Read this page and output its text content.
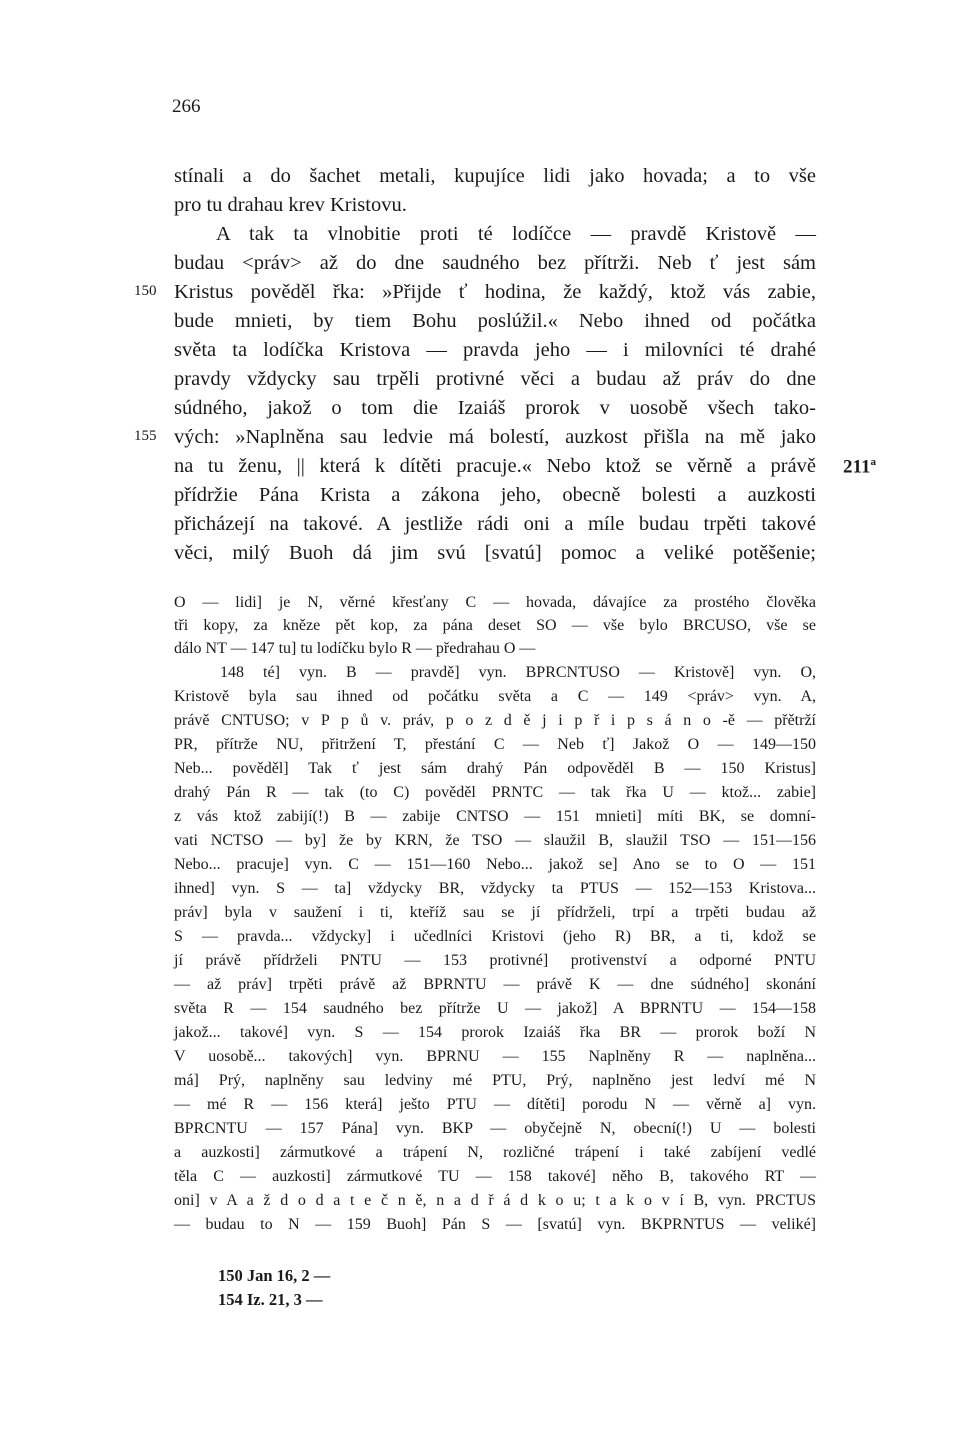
266
stínali a do šachet metali, kupujíce lidi jako hovada; a to vše
pro tu drahau krev Kristovu.
A tak ta vlnobitie proti té lodíčce — pravdě Kristově —
budau <práv> až do dne saudného bez přítrži. Neb ť jest sám
Kristus pověděl řka: »Přijde ť hodina, že každý, ktož vás zabie,
bude mnieti, by tiem Bohu poslúžil.« Nebo ihned od počátka
světa ta lodíčka Kristova — pravda jeho — i milovníci té drahé
pravdy vždycky sau trpěli protivné věci a budau až práv do dne
súdného, jakož o tom die Izaiáš prorok v uosobě všech tako-
vých: »Naplněna sau ledvie má bolestí, auzkost přišla na mě jako
na tu ženu, || která k dítěti pracuje.« Nebo ktož se věrně a právě
přídržie Pána Krista a zákona jeho, obecně bolesti a auzkosti
přicházejí na takové. A jestliže rádi oni a míle budau trpěti takové
věci, milý Buoh dá jim svú [svatú] pomoc a veliké potěšenie;
150
155
211$^a$
O — lidi] je N, věrné křesťany C — hovada, dávajíce za prostého člověka
tři kopy, za kněze pět kop, za pána deset SO — vše bylo BRCUSO, vše se
dálo NT — 147 tu] tu lodíčku bylo R — předrahau O —
148 té] vyn. B — pravdě] vyn. BPRCNTUSO — Kristově] vyn. O,
Kristově byla sau ihned od počátku světa a C — 149 <práv> vyn. A,
právě CNTUSO; v P p ů v. práv, p o z d ě j i p ř i p s á n o -ě — přětrží
PR, přítrže NU, přitržení T, přestání C — Neb ť] Jakož O — 149—150
Neb... pověděl] Tak ť jest sám drahý Pán odpověděl B — 150 Kristus]
drahý Pán R — tak (to C) pověděl PRNTC — tak řka U — ktož... zabie]
z vás ktož zabijí(!) B — zabije CNTSO — 151 mnieti] míti BK, se domní-
vati NCTSO — by] že by KRN, že TSO — slaužil B, slaužil TSO — 151—156
Nebo... pracuje] vyn. C — 151—160 Nebo... jakož se] Ano se to O — 151
ihned] vyn. S — ta] vždycky BR, vždycky ta PTUS — 152—153 Kristova...
práv] byla v saužení i ti, kteříž sau se jí přídrželi, trpí a trpěti budau až
S — pravda... vždycky] i učedlníci Kristovi (jeho R) BR, a ti, kdož se
jí právě přídrželi PNTU — 153 protivné] protivenství a odporné PNTU
— až práv] trpěti právě až BPRNTU — právě K — dne súdného] skonání
světa R — 154 saudného bez přítrže U — jakož] A BPRNTU — 154—158
jakož... takové] vyn. S — 154 prorok Izaiáš řka BR — prorok boží N
V uosobě... takových] vyn. BPRNU — 155 Naplněny R — naplněna...
má] Prý, naplněny sau ledviny mé PTU, Prý, naplněno jest ledví mé N
— mé R — 156 která] ješto PTU — dítěti] porodu N — věrně a] vyn.
BPRCNTU — 157 Pána] vyn. BKP — obyčejně N, obecní(!) U — bolesti
a auzkosti] zármutkové a trápení N, rozličné trápení i také zabíjení vedlé
těla C — auzkosti] zármutkové TU — 158 takové] něho B, takového RT —
oni] v A a ž d o d a t e č n ě, n a d ř á d k o u; t a k o v í B, vyn. PRCTUS
— budau to N — 159 Buoh] Pán S — [svatú] vyn. BKPRNTUS — veliké]
150 Jan 16, 2 —
154 Iz. 21, 3 —
